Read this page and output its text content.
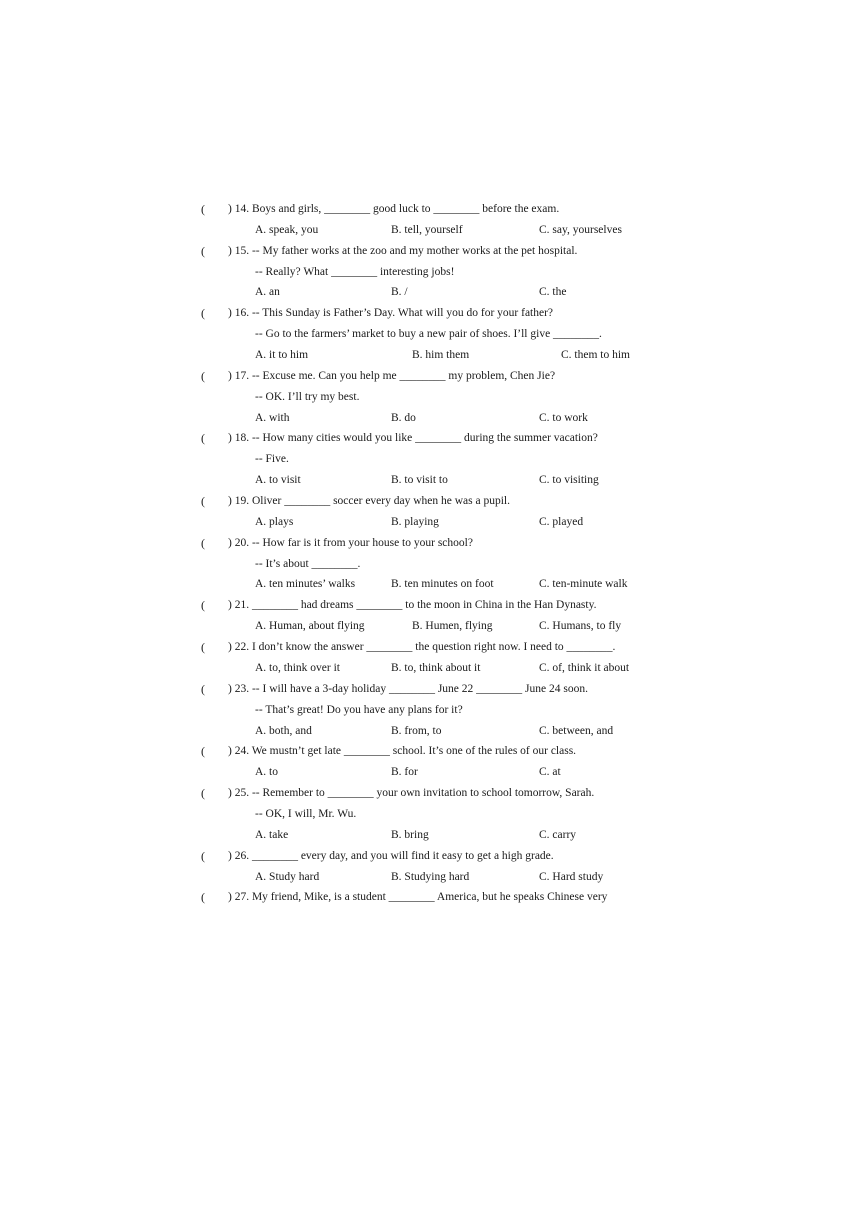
( ) 14. Boys and girls, ________ good luck to ________ before the exam.
A. speak, you	B. tell, yourself	C. say, yourselves
( ) 15. -- My father works at the zoo and my mother works at the pet hospital.
-- Really? What ________ interesting jobs!
A. an	B. /	C. the
( ) 16. -- This Sunday is Father’s Day. What will you do for your father?
-- Go to the farmers’ market to buy a new pair of shoes. I’ll give ________.
A. it to him	B. him them	C. them to him
( ) 17. -- Excuse me. Can you help me ________ my problem, Chen Jie?
-- OK. I’ll try my best.
A. with	B. do	C. to work
( ) 18. -- How many cities would you like ________ during the summer vacation?
-- Five.
A. to visit	B. to visit to	C. to visiting
( ) 19. Oliver ________ soccer every day when he was a pupil.
A. plays	B. playing	C. played
( ) 20. -- How far is it from your house to your school?
-- It’s about ________.
A. ten minutes’ walks	B. ten minutes on foot	C. ten-minute walk
( ) 21. ________ had dreams ________ to the moon in China in the Han Dynasty.
A. Human, about flying	B. Humen, flying	C. Humans, to fly
( ) 22. I don’t know the answer ________ the question right now. I need to ________.
A. to, think over it	B. to, think about it	C. of, think it about
( ) 23. -- I will have a 3-day holiday ________ June 22 ________ June 24 soon.
-- That’s great! Do you have any plans for it?
A. both, and	B. from, to	C. between, and
( ) 24. We mustn’t get late ________ school. It’s one of the rules of our class.
A. to	B. for	C. at
( ) 25. -- Remember to ________ your own invitation to school tomorrow, Sarah.
-- OK, I will, Mr. Wu.
A. take	B. bring	C. carry
( ) 26. ________ every day, and you will find it easy to get a high grade.
A. Study hard	B. Studying hard	C. Hard study
( ) 27. My friend, Mike, is a student ________ America, but he speaks Chinese very
